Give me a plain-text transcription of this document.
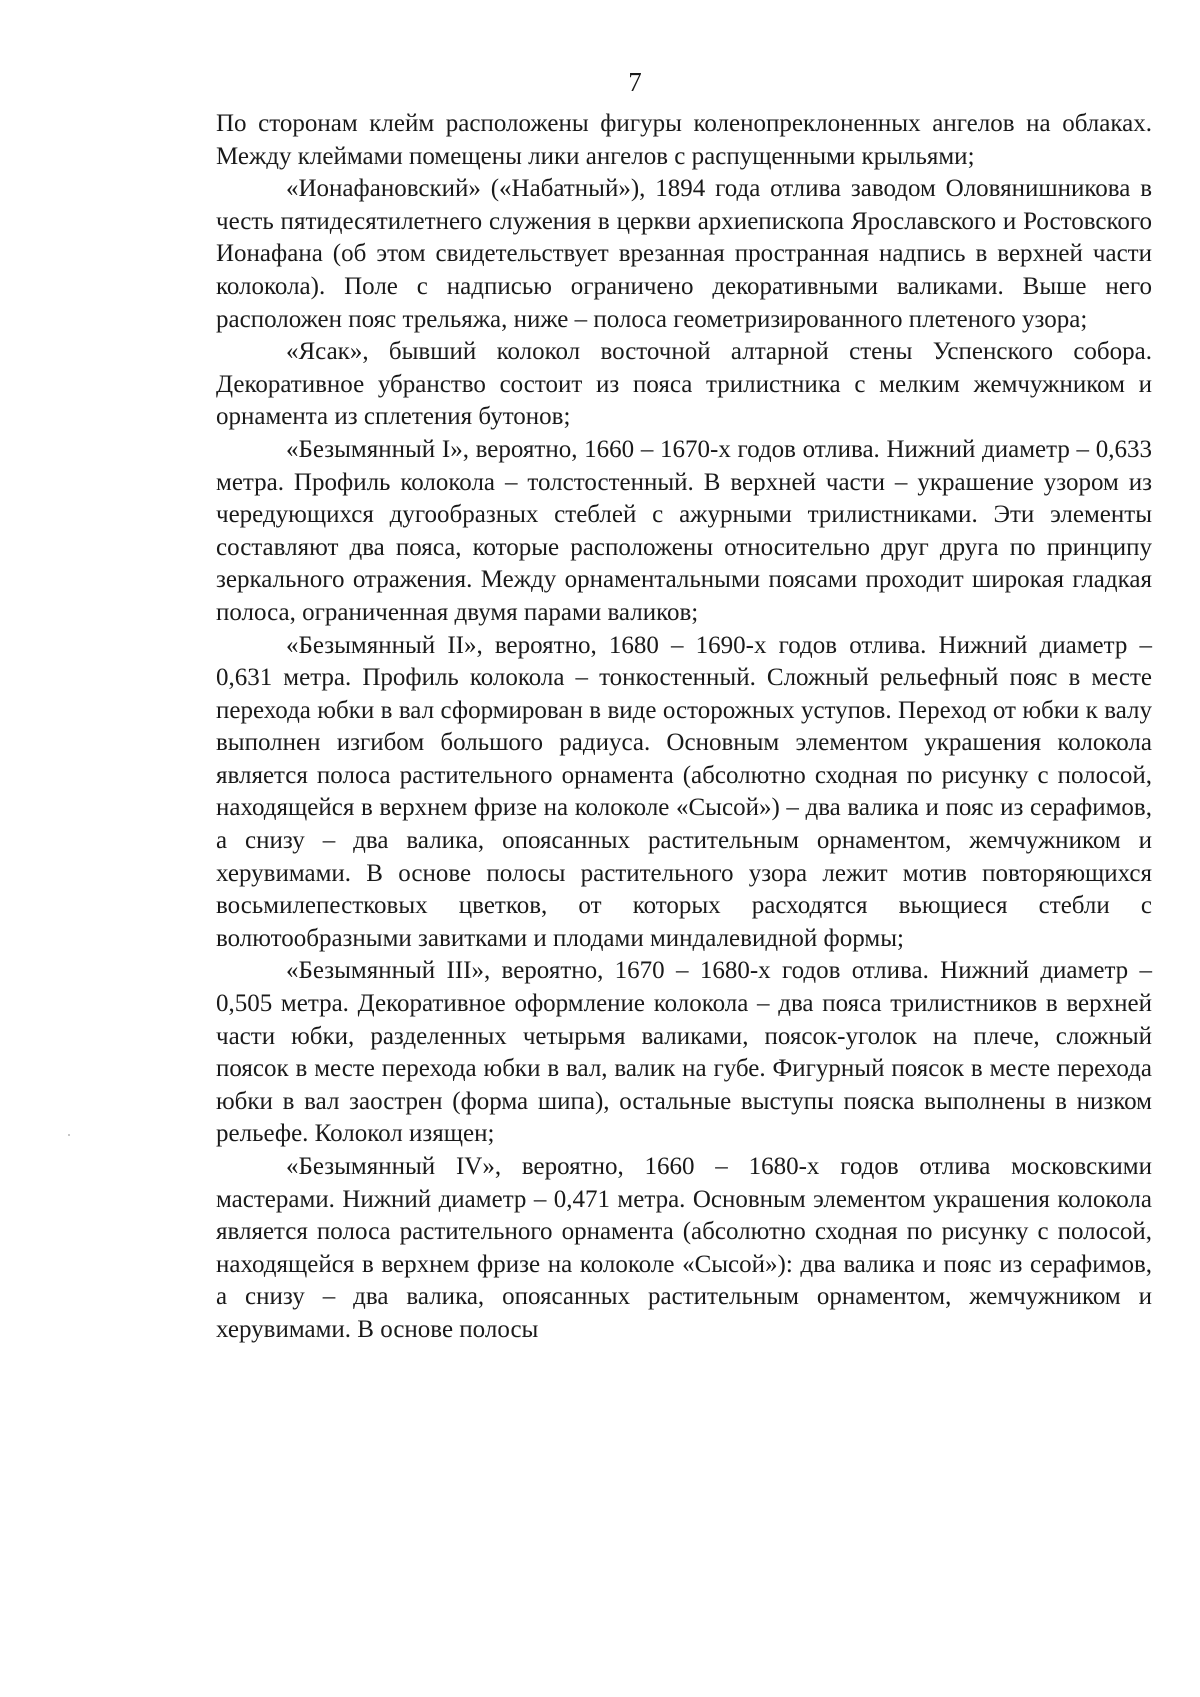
7

По сторонам клейм расположены фигуры коленопреклоненных ангелов на облаках. Между клеймами помещены лики ангелов с распущенными крыльями;

«Ионафановский» («Набатный»), 1894 года отлива заводом Оловянишникова в честь пятидесятилетнего служения в церкви архиепископа Ярославского и Ростовского Ионафана (об этом свидетельствует врезанная пространная надпись в верхней части колокола). Поле с надписью ограничено декоративными валиками. Выше него расположен пояс трельяжа, ниже – полоса геометризированного плетеного узора;

«Ясак», бывший колокол восточной алтарной стены Успенского собора. Декоративное убранство состоит из пояса трилистника с мелким жемчужником и орнамента из сплетения бутонов;

«Безымянный I», вероятно, 1660 – 1670-х годов отлива. Нижний диаметр – 0,633 метра. Профиль колокола – толстостенный. В верхней части – украшение узором из чередующихся дугообразных стеблей с ажурными трилистниками. Эти элементы составляют два пояса, которые расположены относительно друг друга по принципу зеркального отражения. Между орнаментальными поясами проходит широкая гладкая полоса, ограниченная двумя парами валиков;

«Безымянный II», вероятно, 1680 – 1690-х годов отлива. Нижний диаметр – 0,631 метра. Профиль колокола – тонкостенный. Сложный рельефный пояс в месте перехода юбки в вал сформирован в виде осторожных уступов. Переход от юбки к валу выполнен изгибом большого радиуса. Основным элементом украшения колокола является полоса растительного орнамента (абсолютно сходная по рисунку с полосой, находящейся в верхнем фризе на колоколе «Сысой») – два валика и пояс из серафимов, а снизу – два валика, опоясанных растительным орнаментом, жемчужником и херувимами. В основе полосы растительного узора лежит мотив повторяющихся восьмилепестковых цветков, от которых расходятся вьющиеся стебли с волютообразными завитками и плодами миндалевидной формы;

«Безымянный III», вероятно, 1670 – 1680-х годов отлива. Нижний диаметр – 0,505 метра. Декоративное оформление колокола – два пояса трилистников в верхней части юбки, разделенных четырьмя валиками, поясок-уголок на плече, сложный поясок в месте перехода юбки в вал, валик на губе. Фигурный поясок в месте перехода юбки в вал заострен (форма шипа), остальные выступы пояска выполнены в низком рельефе. Колокол изящен;

«Безымянный IV», вероятно, 1660 – 1680-х годов отлива московскими мастерами. Нижний диаметр – 0,471 метра. Основным элементом украшения колокола является полоса растительного орнамента (абсолютно сходная по рисунку с полосой, находящейся в верхнем фризе на колоколе «Сысой»): два валика и пояс из серафимов, а снизу – два валика, опоясанных растительным орнаментом, жемчужником и херувимами. В основе полосы
